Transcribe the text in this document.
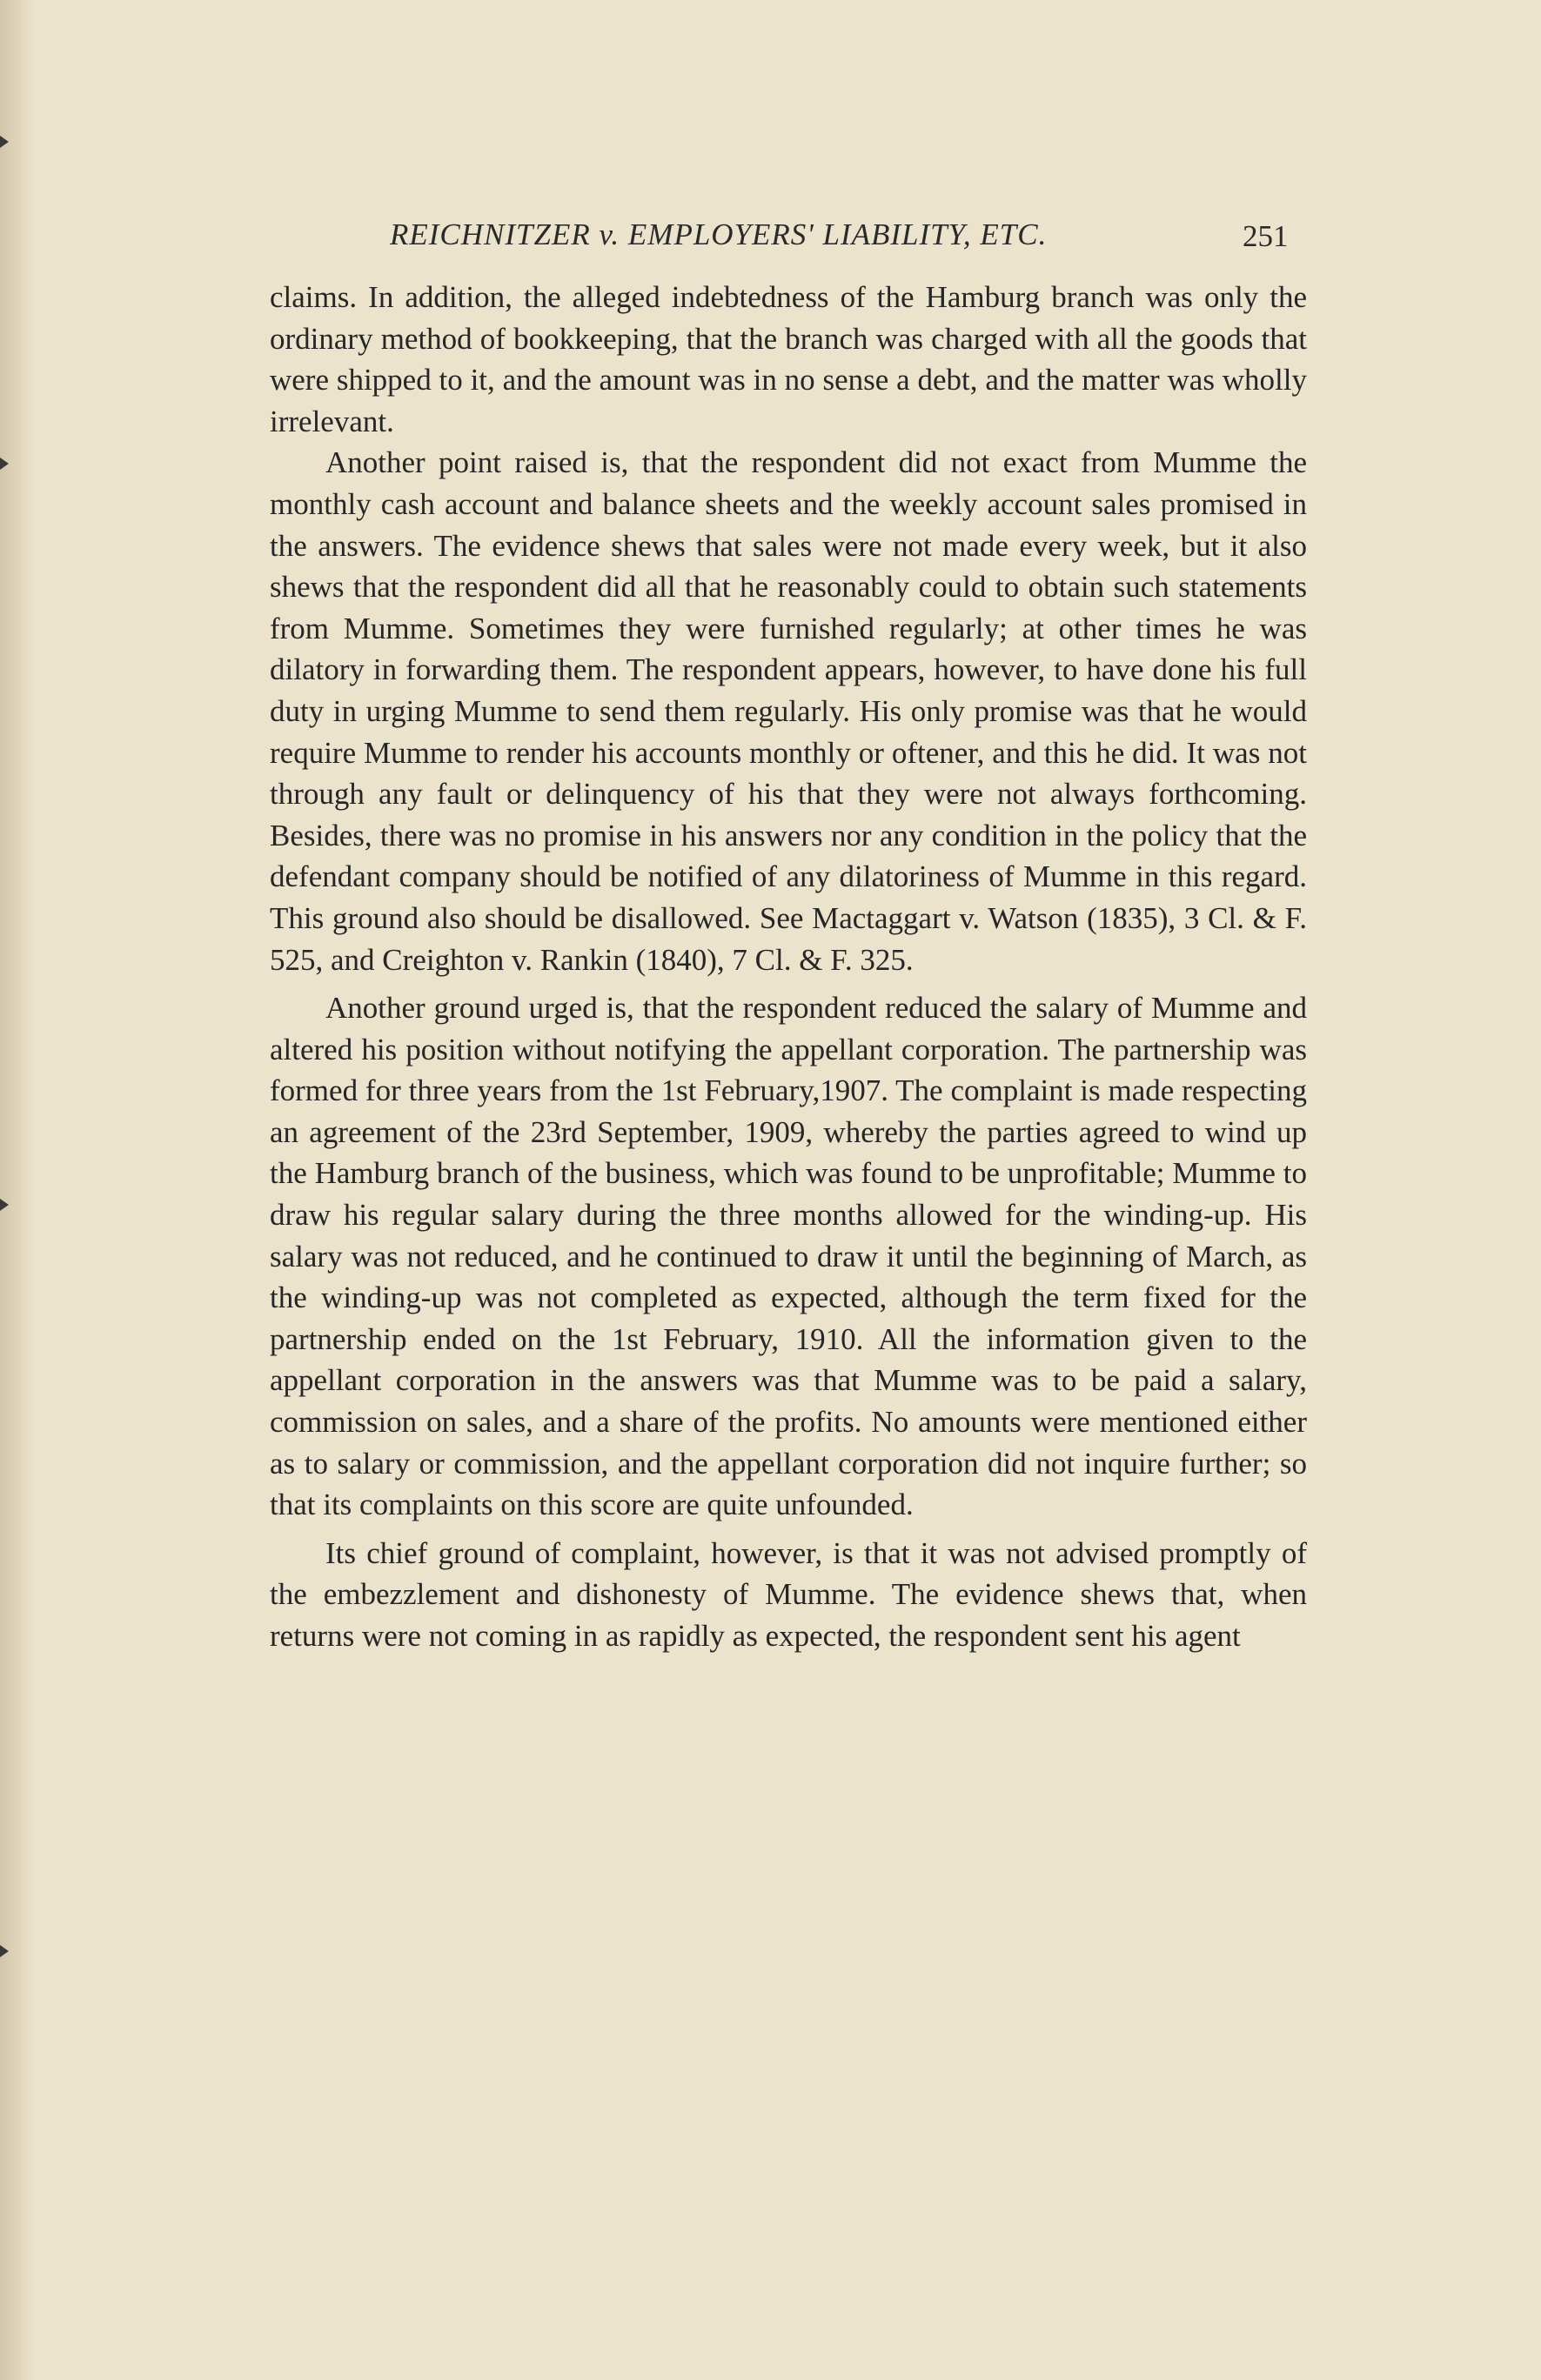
REICHNITZER v. EMPLOYERS' LIABILITY, ETC.	251

claims. In addition, the alleged indebtedness of the Hamburg branch was only the ordinary method of bookkeeping, that the branch was charged with all the goods that were shipped to it, and the amount was in no sense a debt, and the matter was wholly irrelevant.

Another point raised is, that the respondent did not exact from Mumme the monthly cash account and balance sheets and the weekly account sales promised in the answers. The evidence shews that sales were not made every week, but it also shews that the respondent did all that he reasonably could to obtain such statements from Mumme. Sometimes they were furnished regularly; at other times he was dilatory in forwarding them. The respondent appears, however, to have done his full duty in urging Mumme to send them regularly. His only promise was that he would require Mumme to render his accounts monthly or oftener, and this he did. It was not through any fault or delinquency of his that they were not always forthcoming. Besides, there was no promise in his answers nor any condition in the policy that the defendant company should be notified of any dilatoriness of Mumme in this regard. This ground also should be disallowed. See Mactaggart v. Watson (1835), 3 Cl. & F. 525, and Creighton v. Rankin (1840), 7 Cl. & F. 325.

Another ground urged is, that the respondent reduced the salary of Mumme and altered his position without notifying the appellant corporation. The partnership was formed for three years from the 1st February,1907. The complaint is made respecting an agreement of the 23rd September, 1909, whereby the parties agreed to wind up the Hamburg branch of the business, which was found to be unprofitable; Mumme to draw his regular salary during the three months allowed for the winding-up. His salary was not reduced, and he continued to draw it until the beginning of March, as the winding-up was not completed as expected, although the term fixed for the partnership ended on the 1st February, 1910. All the information given to the appellant corporation in the answers was that Mumme was to be paid a salary, commission on sales, and a share of the profits. No amounts were mentioned either as to salary or commission, and the appellant corporation did not inquire further; so that its complaints on this score are quite unfounded.

Its chief ground of complaint, however, is that it was not advised promptly of the embezzlement and dishonesty of Mumme. The evidence shews that, when returns were not coming in as rapidly as expected, the respondent sent his agent
